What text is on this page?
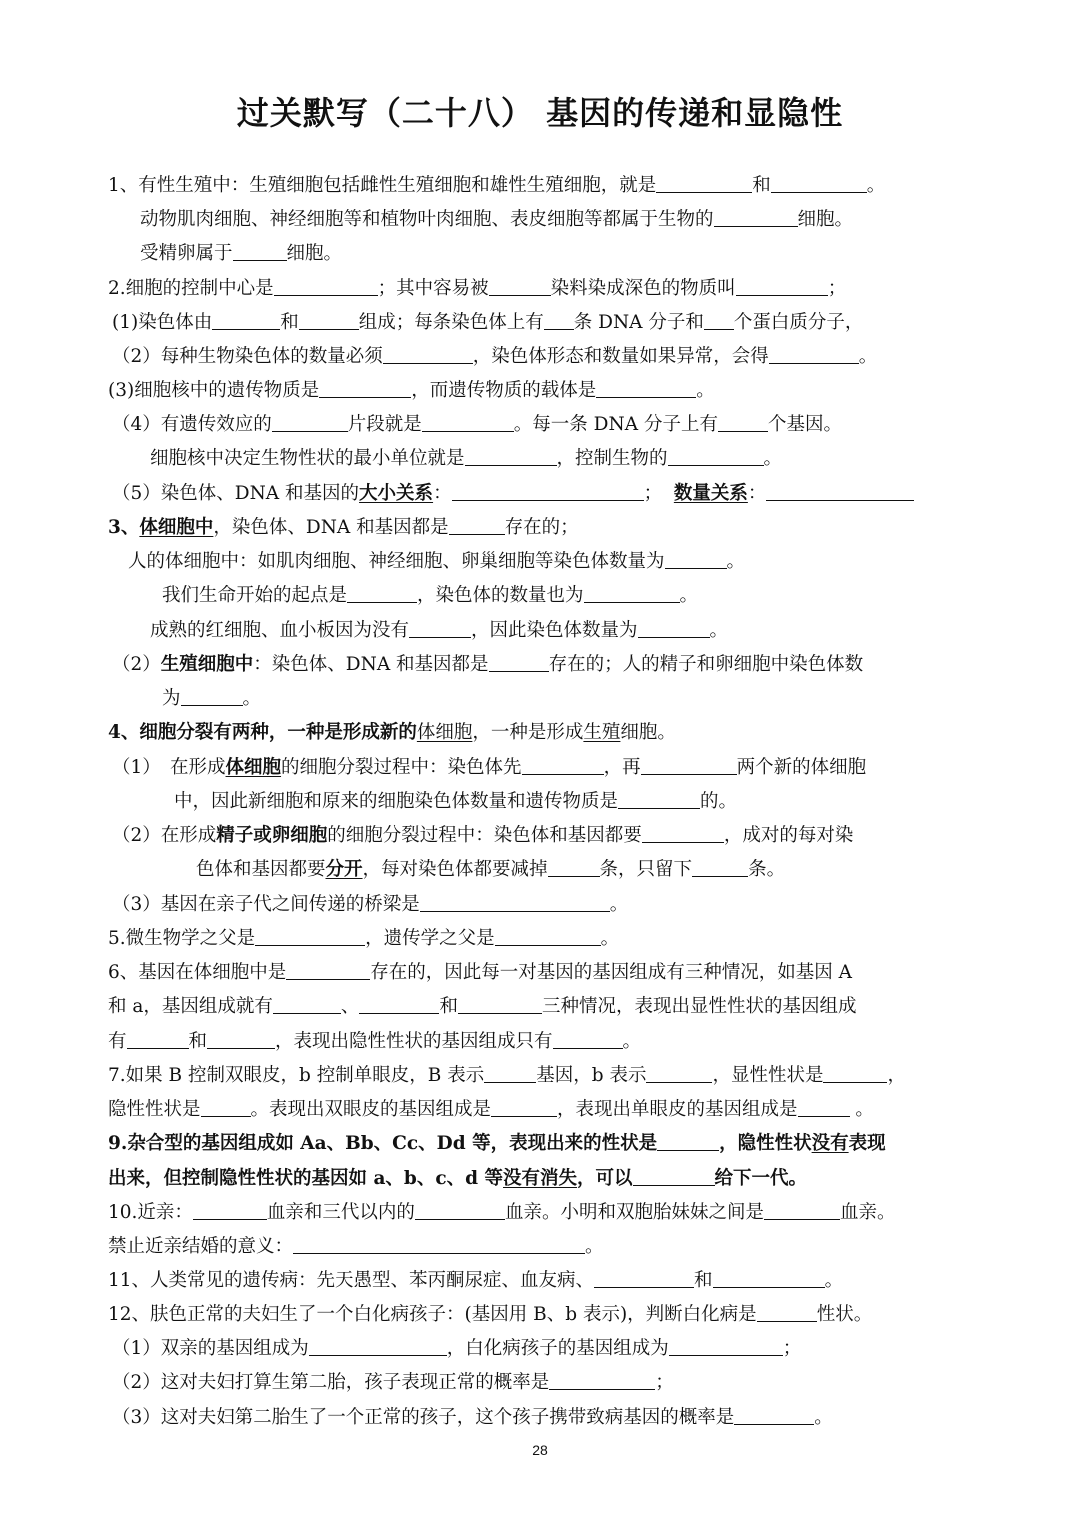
过关默写（二十八） 基因的传递和显隐性
1、有性生殖中：生殖细胞包括雌性生殖细胞和雄性生殖细胞，就是	和	。
动物肌肉细胞、神经细胞等和植物叶肉细胞、表皮细胞等都属于生物的	细胞。
受精卵属于	细胞。
2.细胞的控制中心是	；其中容易被	染料染成深色的物质叫	；
(1)染色体由	和	组成；每条染色体上有 条 DNA 分子和 个蛋白质分子，
（2）每种生物染色体的数量必须	，染色体形态和数量如果异常，会得	。
(3)细胞核中的遗传物质是	，而遗传物质的载体是	。
（4）有遗传效应的	片段就是	。每一条 DNA 分子上有	个基因。
细胞核中决定生物性状的最小单位就是	，控制生物的	。
（5）染色体、DNA 和基因的大小关系：	； 数量关系：
3、体细胞中，染色体、DNA 和基因都是	存在的；
人的体细胞中：如肌肉细胞、神经细胞、卵巢细胞等染色体数量为	。
我们生命开始的起点是	，染色体的数量也为	。
成熟的红细胞、血小板因为没有	，因此染色体数量为	。
（2）生殖细胞中：染色体、DNA 和基因都是	存在的；人的精子和卵细胞中染色体数
为	。
4、细胞分裂有两种，一种是形成新的体细胞，一种是形成生殖细胞。
（1）　在形成体细胞的细胞分裂过程中：染色体先	，再	两个新的体细胞
中，因此新细胞和原来的细胞染色体数量和遗传物质是	的。
（2）在形成精子或卵细胞的细胞分裂过程中：染色体和基因都要	，成对的每对染
色体和基因都要分开，每对染色体都要减掉	条，只留下	条。
（3）基因在亲子代之间传递的桥梁是	。
5.微生物学之父是	，遗传学之父是	。
6、基因在体细胞中是	存在的，因此每一对基因的基因组成有三种情况，如基因 A
和 a，基因组成就有	、	和	三种情况，表现出显性性状的基因组成
有	和	，表现出隐性性状的基因组成只有	。
7.如果 B 控制双眼皮，b 控制单眼皮，B 表示	基因，b 表示	，显性性状是	，
隐性性状是	。表现出双眼皮的基因组成是	，表现出单眼皮的基因组成是	。
9.杂合型的基因组成如 Aa、Bb、Cc、Dd 等，表现出来的性状是	，隐性性状没有表现
出来，但控制隐性性状的基因如 a、b、c、d 等没有消失，可以	给下一代。
10.近亲：	血亲和三代以内的	血亲。小明和双胞胎妹妹之间是	血亲。
禁止近亲结婚的意义：	。
11、人类常见的遗传病：先天愚型、苯丙酮尿症、血友病、	和	。
12、肤色正常的夫妇生了一个白化病孩子：(基因用 B、b 表示)，判断白化病是	性状。
（1）双亲的基因组成为	，白化病孩子的基因组成为	；
（2）这对夫妇打算生第二胎，孩子表现正常的概率是	；
（3）这对夫妇第二胎生了一个正常的孩子，这个孩子携带致病基因的概率是	。
28
